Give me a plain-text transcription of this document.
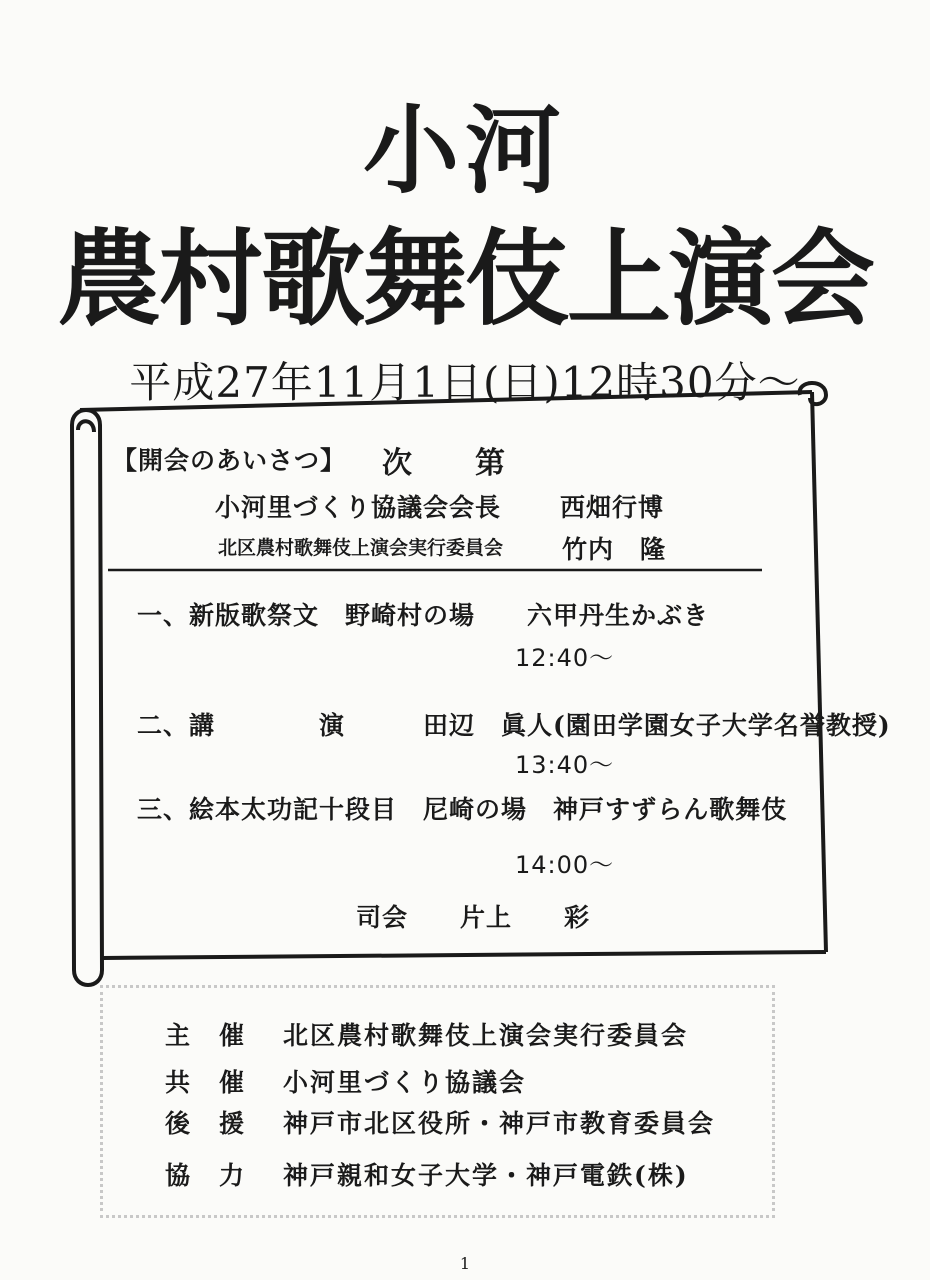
小河
農村歌舞伎上演会
平成27年11月1日(日)12時30分～
【開会のあいさつ】 次　　第
小河里づくり協議会会長 西畑行博
北区農村歌舞伎上演会実行委員会 竹内　隆
一、新版歌祭文　野崎村の場　　六甲丹生かぶき
12:40～
二、講　　　　演　　　田辺　眞人(園田学園女子大学名誉教授)
13:40～
三、絵本太功記十段目　尼崎の場　神戸すずらん歌舞伎
14:00～
司会　　片上　　彩
主　催 北区農村歌舞伎上演会実行委員会
共　催 小河里づくり協議会
後　援 神戸市北区役所・神戸市教育委員会
協　力 神戸親和女子大学・神戸電鉄(株)
1
